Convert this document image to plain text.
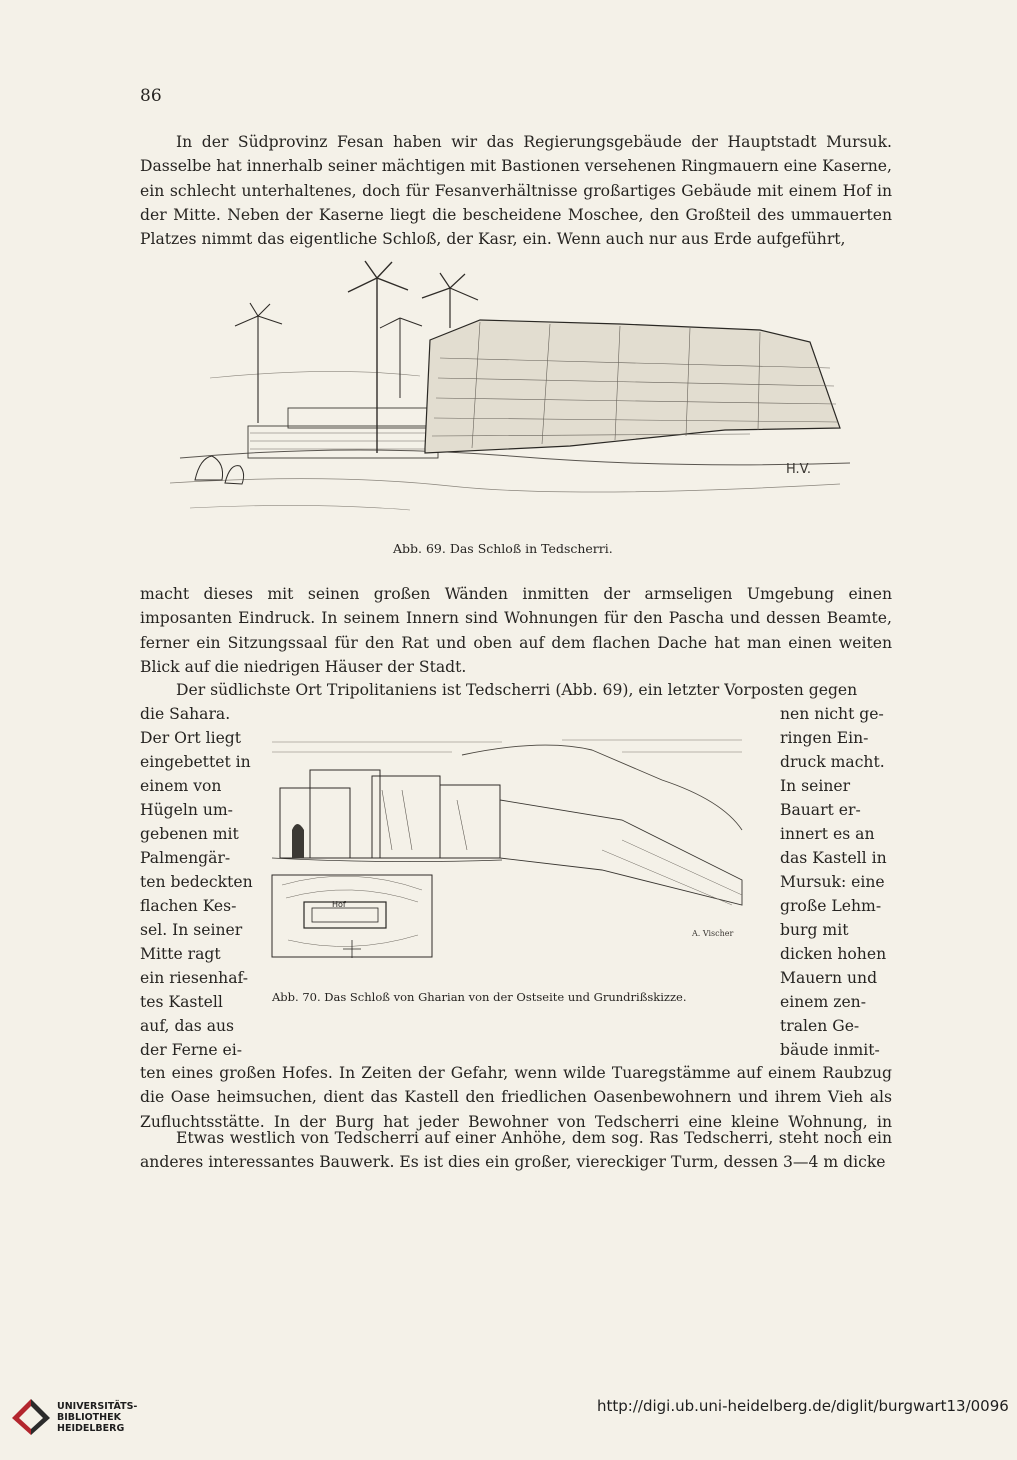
86

In der Südprovinz Fesan haben wir das Regierungsgebäude der Hauptstadt Mursuk. Dasselbe hat innerhalb seiner mächtigen mit Bastionen versehenen Ringmauern eine Kaserne, ein schlecht unterhaltenes, doch für Fesanverhältnisse großartiges Gebäude mit einem Hof in der Mitte. Neben der Kaserne liegt die bescheidene Moschee, den Großteil des ummauerten Platzes nimmt das eigentliche Schloß, der Kasr, ein. Wenn auch nur aus Erde aufgeführt,

H.V.
Abb. 69. Das Schloß in Tedscherri.

macht dieses mit seinen großen Wänden inmitten der armseligen Umgebung einen imposanten Eindruck. In seinem Innern sind Wohnungen für den Pascha und dessen Beamte, ferner ein Sitzungssaal für den Rat und oben auf dem flachen Dache hat man einen weiten Blick auf die niedrigen Häuser der Stadt.

Der südlichste Ort Tripolitaniens ist Tedscherri (Abb. 69), ein letzter Vorposten gegen

die Sahara.
Der Ort liegt
eingebettet in
einem von
Hügeln um-
gebenen mit
Palmengär-
ten bedeckten
flachen Kes-
sel. In seiner
Mitte ragt
ein riesenhaf-
tes Kastell
auf, das aus
der Ferne ei-
nen nicht ge-
ringen Ein-
druck macht.
In seiner
Bauart er-
innert es an
das Kastell in
Mursuk: eine
große Lehm-
burg mit
dicken hohen
Mauern und
einem zen-
tralen Ge-
bäude inmit-
Hof
A. Vischer
Abb. 70. Das Schloß von Gharian von der Ostseite und Grundrißskizze.

ten eines großen Hofes. In Zeiten der Gefahr, wenn wilde Tuaregstämme auf einem Raubzug die Oase heimsuchen, dient das Kastell den friedlichen Oasenbewohnern und ihrem Vieh als Zufluchtsstätte. In der Burg hat jeder Bewohner von Tedscherri eine kleine Wohnung, in

Etwas westlich von Tedscherri auf einer Anhöhe, dem sog. Ras Tedscherri, steht noch ein anderes interessantes Bauwerk. Es ist dies ein großer, viereckiger Turm, dessen 3—4 m dicke

UNIVERSITÄTS-
BIBLIOTHEK
HEIDELBERG
http://digi.ub.uni-heidelberg.de/diglit/burgwart13/0096
